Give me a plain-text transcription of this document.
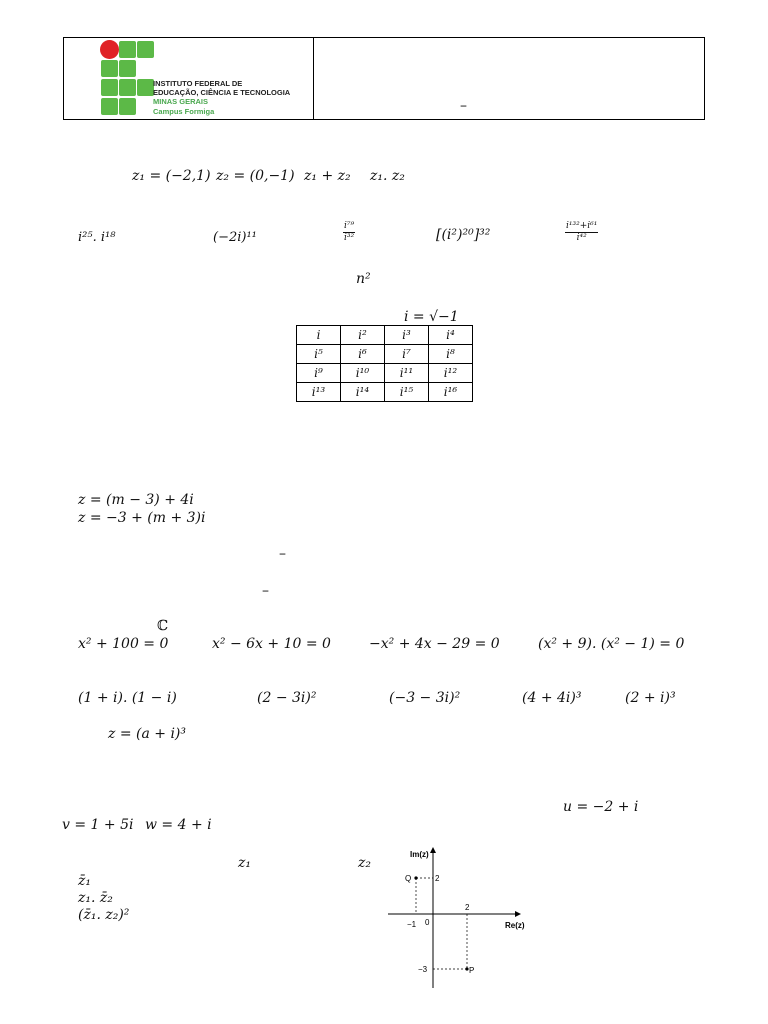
INSTITUTO FEDERAL DE
EDUCAÇÃO, CIÊNCIA E TECNOLOGIA
MINAS GERAIS
Campus Formiga	–
z₁ = (−2,1) z₂ = (0,−1) z₁ + z₂ z₁. z₂
i²⁵. i¹⁸	(−2i)¹¹	$\frac{\text{i⁷⁹}}{\text{i³²}}$	[(i²)²⁰]³²	$\frac{\text{i¹³²+i⁶¹}}{\text{i⁴²}}$
n²
i = √−1
i	i²	i³	i⁴
i⁵	i⁶	i⁷	i⁸
i⁹	i¹⁰	i¹¹	i¹²
i¹³	i¹⁴	i¹⁵	i¹⁶
z = (m − 3) + 4i
z = −3 + (m + 3)i
–
–
ℂ
x² + 100 = 0	x² − 6x + 10 = 0	−x² + 4x − 29 = 0	(x² + 9). (x² − 1) = 0
(1 + i). (1 − i)	(2 − 3i)²	(−3 − 3i)²	(4 + 4i)³	(2 + i)³
z = (a + i)³
u = −2 + i
v = 1 + 5i w = 4 + i
z₁	z₂
z̄₁
z₁. z̄₂
(z̄₁. z₂)²
Im(z)
Re(z)
0
Q	2
−1
P
2
−3
